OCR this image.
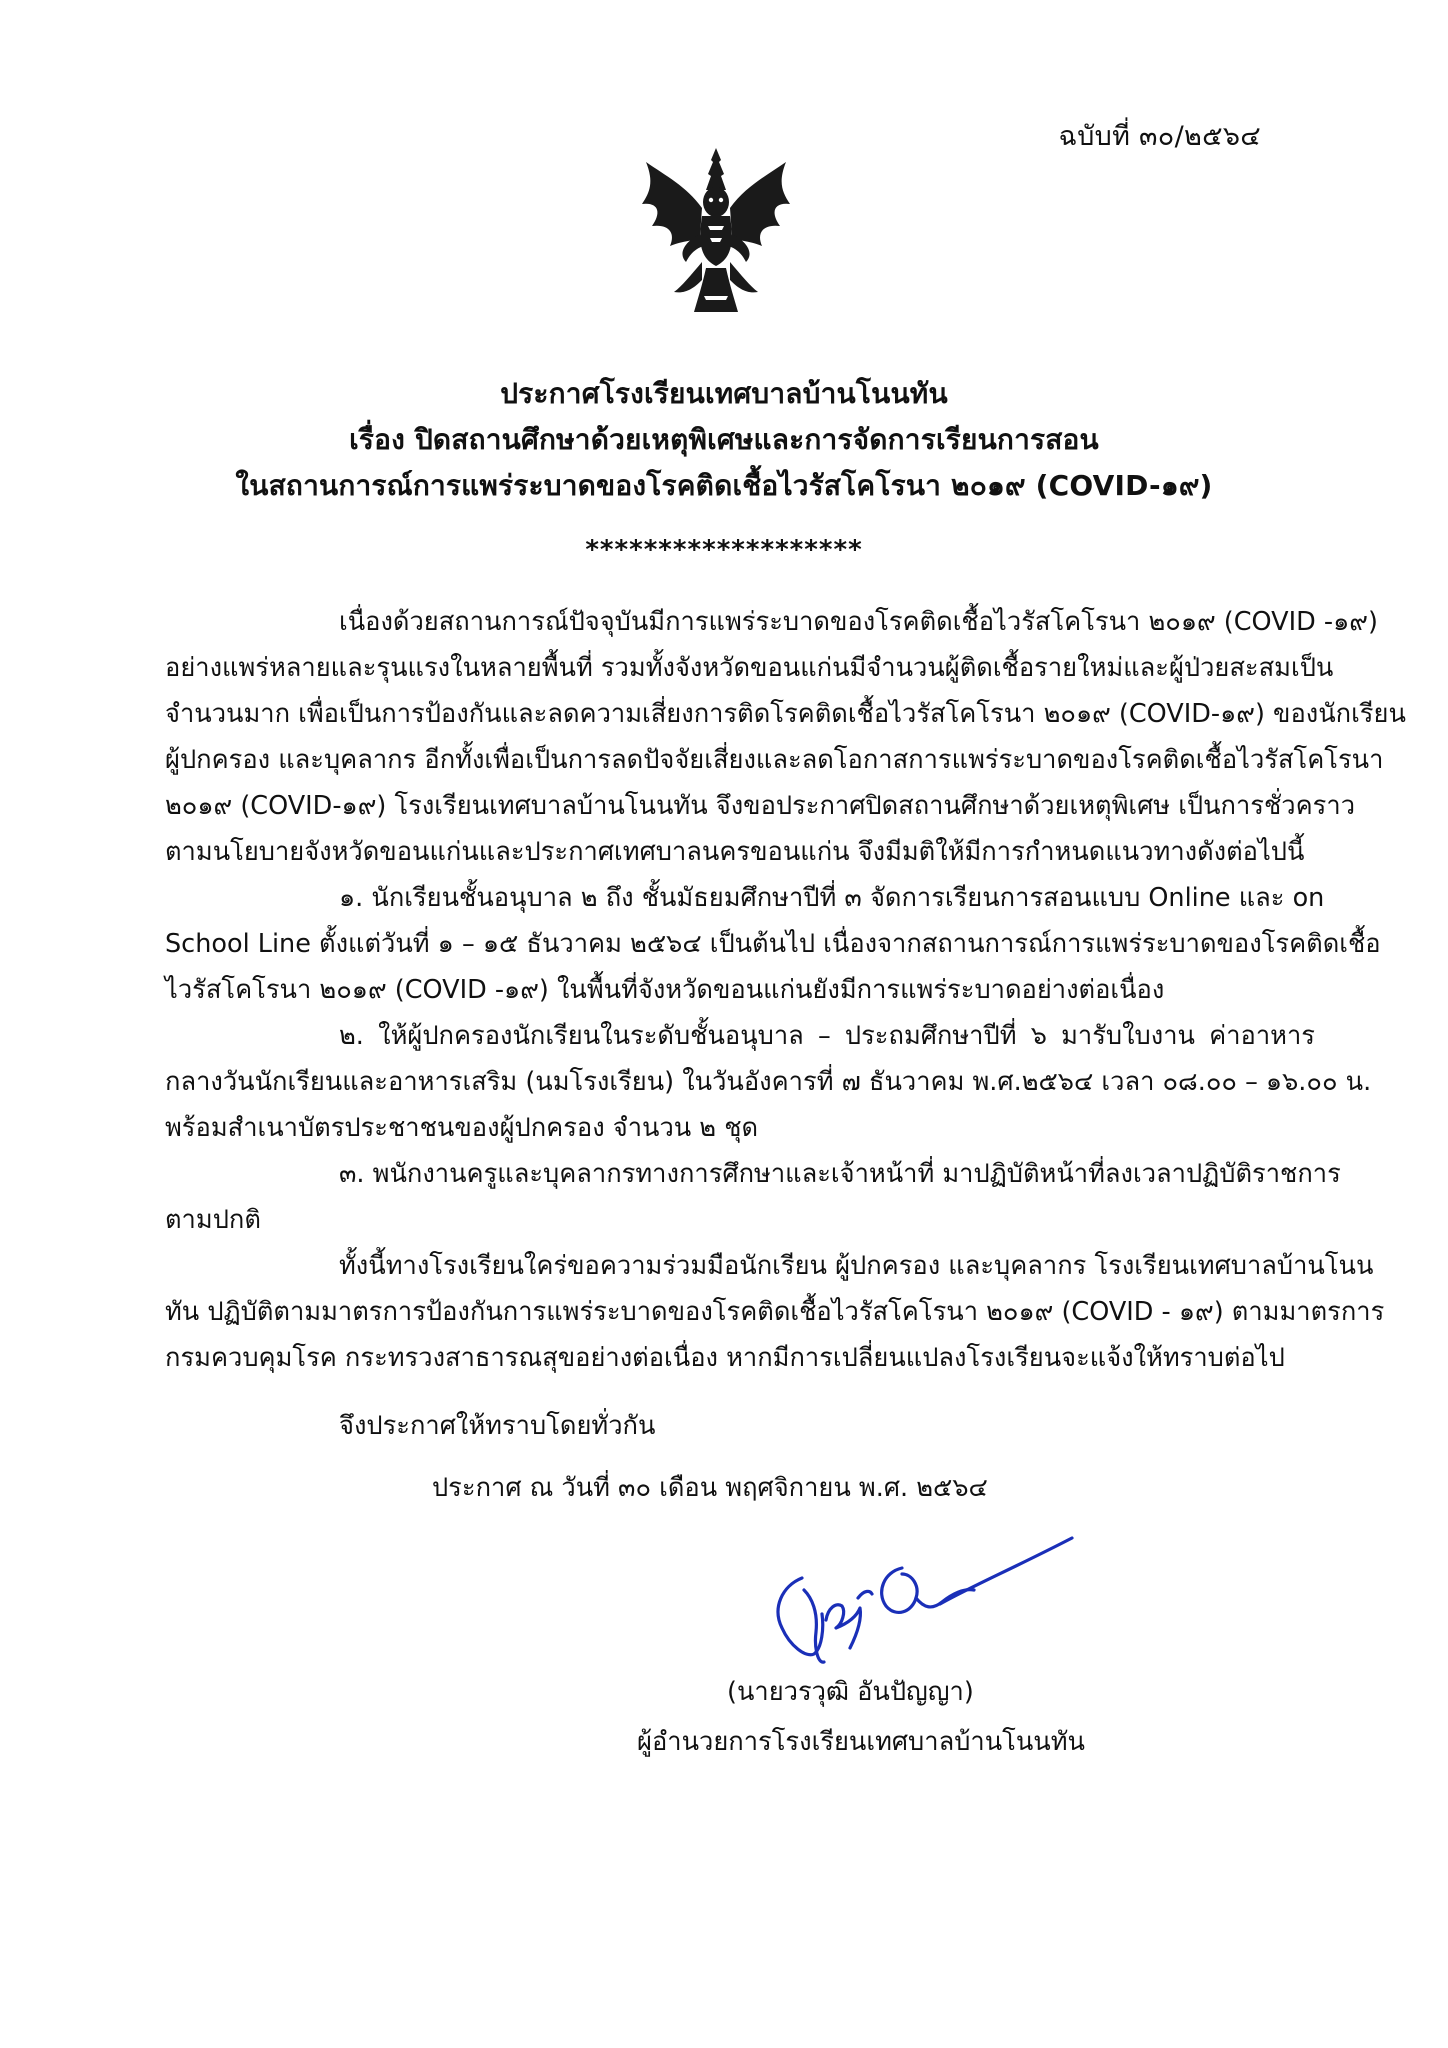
ฉบับที่ ๓๐/๒๕๖๔
ประกาศโรงเรียนเทศบาลบ้านโนนทัน
เรื่อง ปิดสถานศึกษาด้วยเหตุพิเศษและการจัดการเรียนการสอน
ในสถานการณ์การแพร่ระบาดของโรคติดเชื้อไวรัสโคโรนา ๒๐๑๙ (COVID-๑๙)
*******************
เนื่องด้วยสถานการณ์ปัจจุบันมีการแพร่ระบาดของโรคติดเชื้อไวรัสโคโรนา ๒๐๑๙ (COVID -๑๙)
อย่างแพร่หลายและรุนแรงในหลายพื้นที่ รวมทั้งจังหวัดขอนแก่นมีจำนวนผู้ติดเชื้อรายใหม่และผู้ป่วยสะสมเป็น
จำนวนมาก เพื่อเป็นการป้องกันและลดความเสี่ยงการติดโรคติดเชื้อไวรัสโคโรนา ๒๐๑๙ (COVID-๑๙) ของนักเรียน
ผู้ปกครอง และบุคลากร อีกทั้งเพื่อเป็นการลดปัจจัยเสี่ยงและลดโอกาสการแพร่ระบาดของโรคติดเชื้อไวรัสโคโรนา
๒๐๑๙ (COVID-๑๙) โรงเรียนเทศบาลบ้านโนนทัน จึงขอประกาศปิดสถานศึกษาด้วยเหตุพิเศษ เป็นการชั่วคราว
ตามนโยบายจังหวัดขอนแก่นและประกาศเทศบาลนครขอนแก่น จึงมีมติให้มีการกำหนดแนวทางดังต่อไปนี้
๑. นักเรียนชั้นอนุบาล ๒ ถึง ชั้นมัธยมศึกษาปีที่ ๓ จัดการเรียนการสอนแบบ Online และ on
School Line ตั้งแต่วันที่ ๑ – ๑๕ ธันวาคม ๒๕๖๔ เป็นต้นไป เนื่องจากสถานการณ์การแพร่ระบาดของโรคติดเชื้อ
ไวรัสโคโรนา ๒๐๑๙ (COVID -๑๙) ในพื้นที่จังหวัดขอนแก่นยังมีการแพร่ระบาดอย่างต่อเนื่อง
๒. ให้ผู้ปกครองนักเรียนในระดับชั้นอนุบาล – ประถมศึกษาปีที่ ๖ มารับใบงาน ค่าอาหาร
กลางวันนักเรียนและอาหารเสริม (นมโรงเรียน) ในวันอังคารที่ ๗ ธันวาคม พ.ศ.๒๕๖๔ เวลา ๐๘.๐๐ – ๑๖.๐๐ น.
พร้อมสำเนาบัตรประชาชนของผู้ปกครอง จำนวน ๒ ชุด
๓. พนักงานครูและบุคลากรทางการศึกษาและเจ้าหน้าที่ มาปฏิบัติหน้าที่ลงเวลาปฏิบัติราชการ
ตามปกติ
ทั้งนี้ทางโรงเรียนใคร่ขอความร่วมมือนักเรียน ผู้ปกครอง และบุคลากร โรงเรียนเทศบาลบ้านโนน
ทัน ปฏิบัติตามมาตรการป้องกันการแพร่ระบาดของโรคติดเชื้อไวรัสโคโรนา ๒๐๑๙ (COVID - ๑๙) ตามมาตรการ
กรมควบคุมโรค กระทรวงสาธารณสุขอย่างต่อเนื่อง หากมีการเปลี่ยนแปลงโรงเรียนจะแจ้งให้ทราบต่อไป
จึงประกาศให้ทราบโดยทั่วกัน
ประกาศ ณ วันที่ ๓๐ เดือน พฤศจิกายน พ.ศ. ๒๕๖๔
(นายวรวุฒิ อันปัญญา)
ผู้อำนวยการโรงเรียนเทศบาลบ้านโนนทัน
